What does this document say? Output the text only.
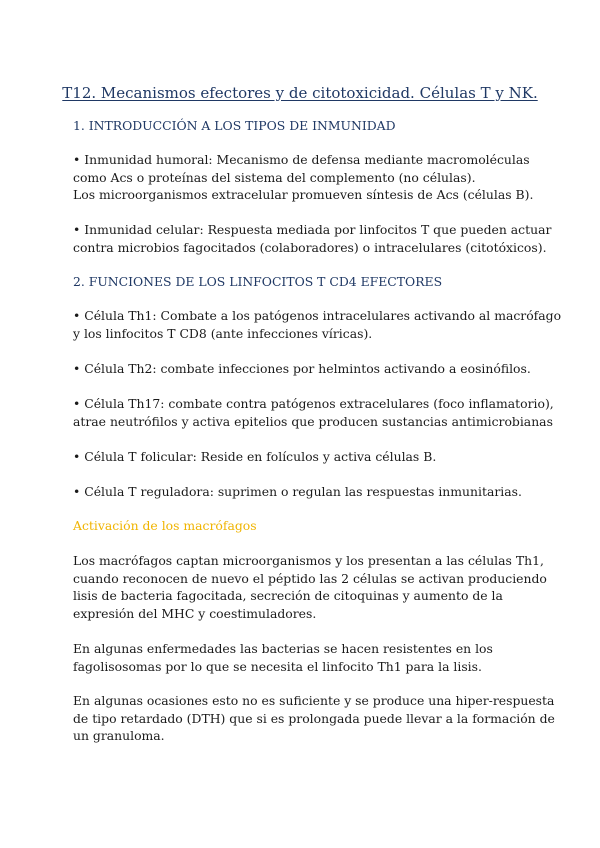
T12. Mecanismos efectores y de citotoxicidad. Células T y NK.
1. INTRODUCCIÓN A LOS TIPOS DE INMUNIDAD

• Inmunidad humoral: Mecanismo de defensa mediante macromoléculas
como Acs o proteínas del sistema del complemento (no células).
Los microorganismos extracelular promueven síntesis de Acs (células B).

• Inmunidad celular: Respuesta mediada por linfocitos T que pueden actuar
contra microbios fagocitados (colaboradores) o intracelulares (citotóxicos).

2. FUNCIONES DE LOS LINFOCITOS T CD4 EFECTORES

• Célula Th1: Combate a los patógenos intracelulares activando al macrófago
y los linfocitos T CD8 (ante infecciones víricas).

• Célula Th2: combate infecciones por helmintos activando a eosinófilos.

• Célula Th17: combate contra patógenos extracelulares (foco inflamatorio),
atrae neutrófilos y activa epitelios que producen sustancias antimicrobianas

• Célula T folicular: Reside en folículos y activa células B.

• Célula T reguladora: suprimen o regulan las respuestas inmunitarias.

Activación de los macrófagos

Los macrófagos captan microorganismos y los presentan a las células Th1,
cuando reconocen de nuevo el péptido las 2 células se activan produciendo
lisis de bacteria fagocitada, secreción de citoquinas y aumento de la
expresión del MHC y coestimuladores.

En algunas enfermedades las bacterias se hacen resistentes en los
fagolisosomas por lo que se necesita el linfocito Th1 para la lisis.

En algunas ocasiones esto no es suficiente y se produce una hiper-respuesta
de tipo retardado (DTH) que si es prolongada puede llevar a la formación de
un granuloma.
